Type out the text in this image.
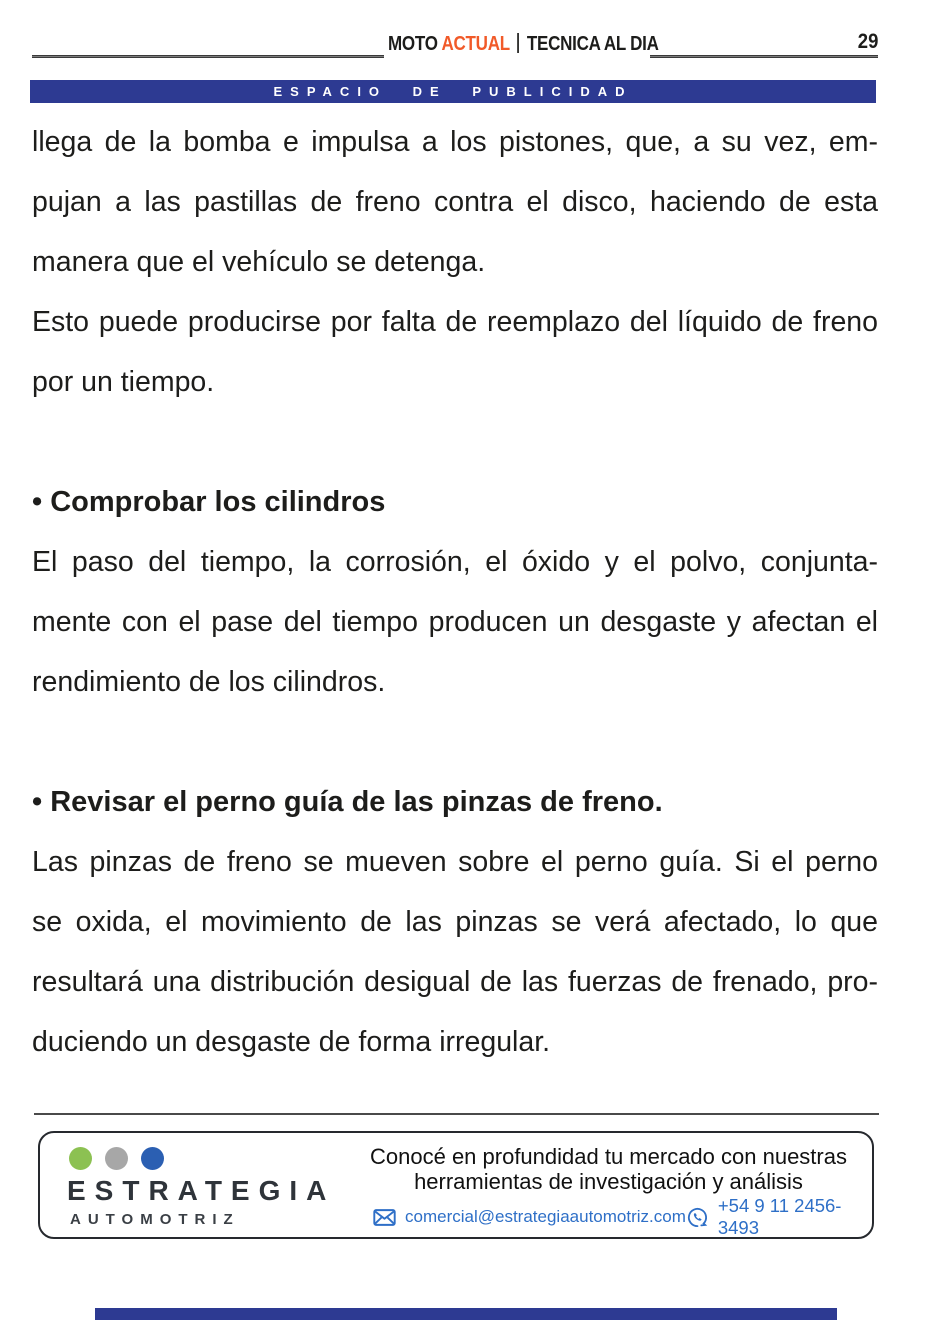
MOTO ACTUAL TECNICA AL DIA	29
ESPACIO DE PUBLICIDAD
llega de la bomba e impulsa a los pistones, que, a su vez, em-
pujan a las pastillas de freno contra el disco, haciendo de esta
manera que el vehículo se detenga.
Esto puede producirse por falta de reemplazo del líquido de freno
por un tiempo.
• Comprobar los cilindros
El paso del tiempo, la corrosión, el óxido y el polvo, conjunta-
mente con el pase del tiempo producen un desgaste y afectan el
rendimiento de los cilindros.
• Revisar el perno guía de las pinzas de freno.
Las pinzas de freno se mueven sobre el perno guía. Si el perno
se oxida, el movimiento de las pinzas se verá afectado, lo que
resultará una distribución desigual de las fuerzas de frenado, pro-
duciendo un desgaste de forma irregular.
ESTRATEGIA
AUTOMOTRIZ
Conocé en profundidad tu mercado con nuestras
herramientas de investigación y análisis
comercial@estrategiaautomotriz.com
+54 9 11 2456-3493
